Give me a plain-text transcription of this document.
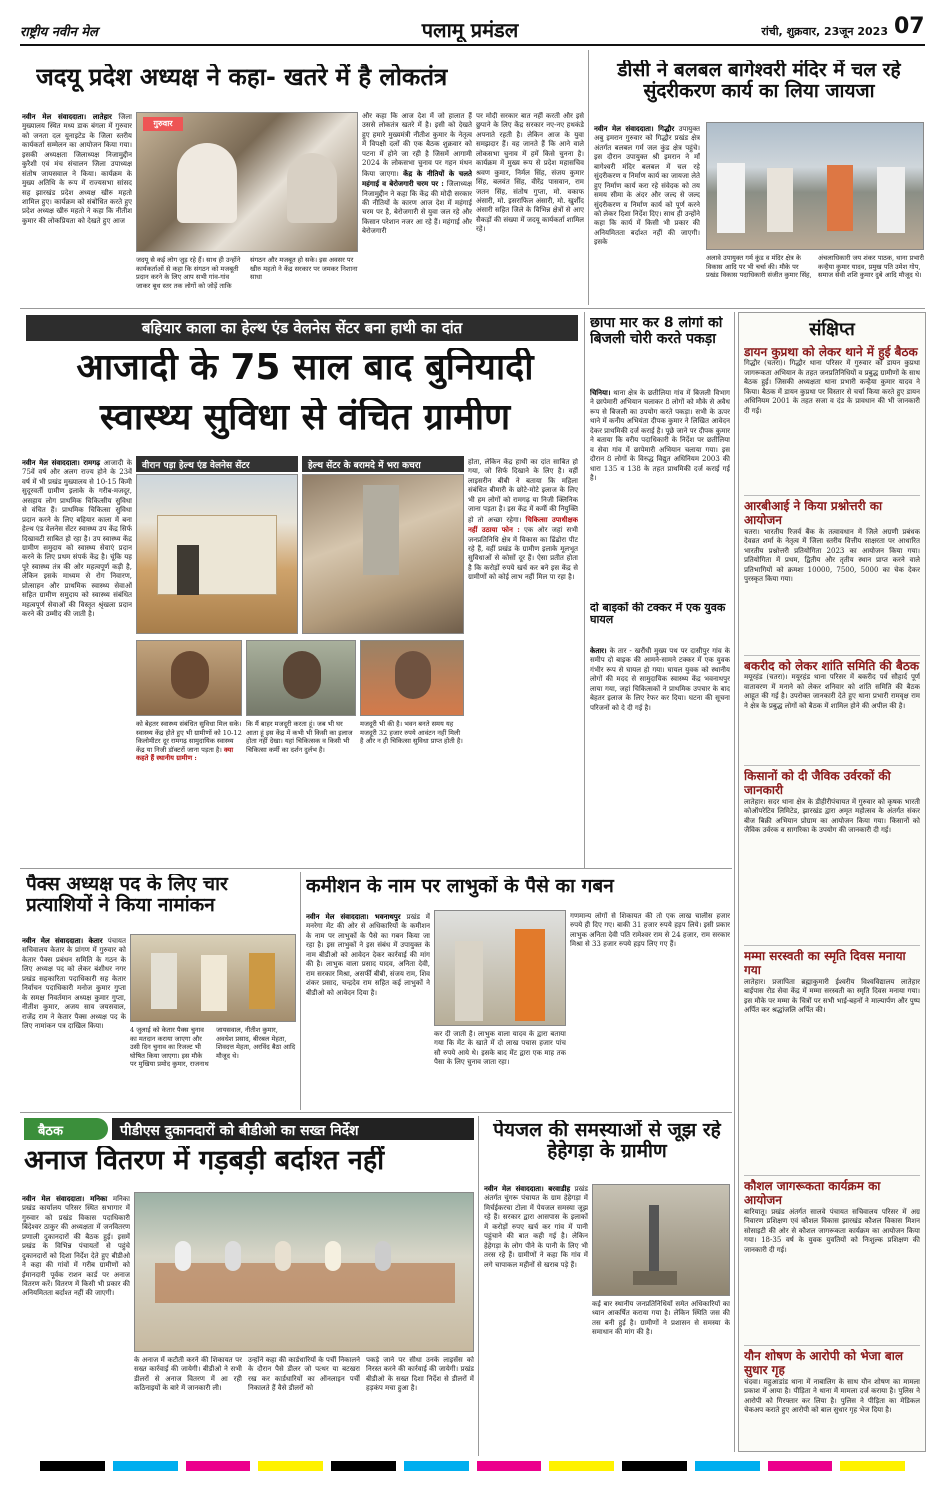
राष्ट्रीय नवीन मेल	पलामू प्रमंडल	रांची, शुक्रवार, 23जून 2023 07
जदयू प्रदेश अध्यक्ष ने कहा- खतरे में है लोकतंत्र
नवीन मेल संवाददाता। लातेहार जिला मुख्यालय स्थित मध्य डाक बंगला में गुरुवार को जनता दल यूनाइटेड के जिला स्तरीय कार्यकर्ता सम्मेलन का आयोजन किया गया। इसकी अध्यक्षता जिलाध्यक्ष निजामुद्दीन कुरैशी एवं मंच संचालन जिला उपाध्यक्ष संतोष जायसवाल ने किया। कार्यक्रम के मुख्य अतिथि के रूप में राज्यसभा सांसद सह झारखंड प्रदेश अध्यक्ष खीरु महतो शामिल हुए। कार्यक्रम को संबोधित करते हुए प्रदेश अध्यक्ष खीरु महतो ने कहा कि नीतीश कुमार की लोकप्रियता को देखते हुए आज
गुरुवार
जदयू से कई लोग जुड़ रहे हैं। साथ ही उन्होंने कार्यकर्ताओं से कहा कि संगठन को मजबूती प्रदान करने के लिए आप सभी गांव-गांव जाकर बूथ स्तर तक लोगों को जोड़ें ताकि संगठन और मजबूत हो सके। इस अवसर पर खीरु महतो ने केंद्र सरकार पर जमकर निशाना साधा
और कहा कि आज देश में जो हालात हैं उससे लोकतंत्र खतरे में है। इसी को देखते हुए हमारे मुख्यमंत्री नीतीश कुमार के नेतृत्व में विपक्षी दलों की एक बैठक शुक्रवार को पटना में होने जा रही है जिसमें आगामी 2024 के लोकसभा चुनाव पर गहन मंथन किया जाएगा। केंद्र के नीतियों के चलते महंगाई व बेरोजगारी चरम पर : जिलाध्यक्ष निजामुद्दीन ने कहा कि केंद्र की मोदी सरकार की नीतियों के कारण आज देश में महंगाई चरम पर है, बेरोजगारी से युवा जल रहे और किसान परेशान नजर आ रहे हैं। महंगाई और बेरोजगारी
पर मोदी सरकार बात नहीं करती और इसे छुपाने के लिए केंद्र सरकार नए-नए हथकंडे अपनाते रहती है। लेकिन आज के युवा समझदार हैं। वह जानते हैं कि आने वाले लोकसभा चुनाव में हमें किसे चुनना है। कार्यक्रम में मुख्य रूप से प्रदेश महासचिव श्रवण कुमार, निर्मल सिंह, संजय कुमार सिंह, बलवंत सिंह, वीरेंद्र पासवान, राम जतन सिंह, संतोष गुप्ता, मो. वकाफ अंसारी, मो. इसराफिल अंसारी, मो. खुर्शीद अंसारी सहित जिले के विभिन्न क्षेत्रों से आए सैकड़ों की संख्या में जदयू कार्यकर्ता शामिल रहे।
डीसी ने बलबल बागेश्वरी मंदिर में चल रहे सुंदरीकरण कार्य का लिया जायजा
नवीन मेल संवाददाता। गिद्धौर उपायुक्त अबु इमरान गुरुवार को गिद्धौर प्रखंड क्षेत्र अंतर्गत बलबल गर्म जल कुंड क्षेत्र पहुंचे। इस दौरान उपायुक्त श्री इमरान ने माँ बागेश्वरी मंदिर बलबल में चल रहे सुंदरीकरण व निर्माण कार्य का जायजा लेते हुए निर्माण कार्य करा रहे संवेदक को तय समय सीमा के अंदर और जल्द से जल्द सुंदरीकरण व निर्माण कार्य को पूर्ण करने को लेकर दिशा निर्देश दिए। साथ ही उन्होंने कहा कि कार्य में किसी भी प्रकार की अनियमितता बर्दाश्त नहीं की जाएगी। इसके
अलावे उपायुक्त गर्म कुंड व मंदिर क्षेत्र के विकास आदि पर भी चर्चा की। मौके पर प्रखंड विकास पदाधिकारी संजीत कुमार सिंह, अंचलाधिकारी जय शंकर पाठक, थाना प्रभारी कन्हैया कुमार यादव, प्रमुख पति उमेश गोप, समाज सेवी शशि कुमार दुबे आदि मौजूद थे।
बहियार काला का हेल्थ एंड वेलनेस सेंटर बना हाथी का दांत
आजादी के 75 साल बाद बुनियादी
स्वास्थ्य सुविधा से वंचित ग्रामीण
नवीन मेल संवाददाता। रामगढ़ आजादी के 75वें वर्ष और अलग राज्य होने के 23वें वर्ष में भी प्रखंड मुख्यालय से 10-15 किमी सुदूरवर्ती ग्रामीण इलाके के गरीब-मजदूर, असहाय लोग प्राथमिक चिकित्सीय सुविधा से वंचित हैं। प्राथमिक चिकित्सा सुविधा प्रदान करने के लिए बहियार काला में बना हेल्थ एंड वेलनेस सेंटर स्वास्थ्य उप केंद्र सिर्फ दिखावटी साबित हो रहा है। उप स्वास्थ्य केंद्र ग्रामीण समुदाय को स्वास्थ्य सेवाएं प्रदान करने के लिए प्रथम संपर्क केंद्र है। चूंकि यह पूरे स्वास्थ्य तंत्र की ओर महत्वपूर्ण कड़ी है, लेकिन इसके माध्यम से रोग निवारण, प्रोत्साहन और प्राथमिक स्वास्थ्य सेवाओं सहित ग्रामीण समुदाय को स्वास्थ्य संबंधित महत्वपूर्ण सेवाओं की विस्तृत श्रृंखला प्रदान करने की उम्मीद की जाती है।
वीरान पड़ा हेल्थ एंड वेलनेस सेंटर	हेल्थ सेंटर के बरामदे में भरा कचरा
को बेहतर स्वास्थ्य संबंधित सुविधा मिल सके। स्वास्थ्य केंद्र होते हुए भी ग्रामीणों को 10-12 किलोमीटर दूर रामगढ़ सामुदायिक स्वास्थ्य केंद्र या निजी डॉक्टरों जाना पड़ता है। क्या कहते हैं स्थानीय ग्रामीण :
कि मैं बाहर मजदूरी करता हूं। जब भी घर आता हूं इस केंद्र में कभी भी किसी का इलाज होता नहीं देखा। यहां चिकित्सक व किसी भी चिकित्सा कर्मी का दर्शन दुर्लभ है।
मजदूरी भी की है। भवन बनते समय यह मजदूरी 32 हजार रुपये आवंटन नहीं मिली है और न ही चिकित्सा सुविधा प्राप्त होती है।
होता, लेकिन केंद्र हाथी का दांत साबित हो गया, जो सिर्फ दिखाने के लिए है। वहीं लाइसरीन बीबी ने बताया कि महिला संबंधित बीमारी के छोटे-मोटे इलाज के लिए भी हम लोगों को रामगढ़ या निजी क्लिनिक जाना पड़ता है। इस केंद्र में कर्मी की नियुक्ति हो तो अच्छा रहेगा। चिकित्सा उपाधीक्षक नहीं उठाया फोन : एक ओर जहां सभी जनप्रतिनिधि क्षेत्र में विकास का ढिंढोरा पीट रहे हैं, वहीं प्रखंड के ग्रामीण इलाके मूलभूत सुविधाओं से कोसों दूर हैं। ऐसा प्रतीत होता है कि करोड़ों रुपये खर्च कर बने इस केंद्र से ग्रामीणों को कोई लाभ नहीं मिल पा रहा है।
छापा मार कर 8 लोगों को बिजली चोरी करते पकड़ा
चिनिया। थाना क्षेत्र के छतीलिया गांव में बिजली विभाग ने छापेमारी अभियान चलाकर 8 लोगों को मौके से अवैध रूप से बिजली का उपयोग करते पकड़ा। सभी के ऊपर थाने में कनीय अभियंता दीपक कुमार ने लिखित आवेदन देकर प्राथमिकी दर्ज कराई है। पूछे जाने पर दीपक कुमार ने बताया कि वरीय पदाधिकारी के निर्देश पर छतीलिया व सेवा गांव में छापेमारी अभियान चलाया गया। इस दौरान 8 लोगों के विरुद्ध विद्युत अधिनियम 2003 की धारा 135 व 138 के तहत प्राथमिकी दर्ज कराई गई है।
दो बाइकों की टक्कर में एक युवक घायल
केतार। के तार - खरौंधी मुख्य पथ पर दासीपुर गांव के समीप दो बाइक की आमने-सामने टक्कर में एक युवक गंभीर रूप से घायल हो गया। घायल युवक को स्थानीय लोगों की मदद से सामुदायिक स्वास्थ्य केंद्र भवनाथपुर लाया गया, जहां चिकित्सकों ने प्राथमिक उपचार के बाद बेहतर इलाज के लिए रेफर कर दिया। घटना की सूचना परिजनों को दे दी गई है।
संक्षिप्त
डायन कुप्रथा को लेकर थाने में हुई बैठक
गिद्धौर (चतरा)। गिद्धौर थाना परिसर में गुरुवार को डायन कुप्रथा जागरूकता अभियान के तहत जनप्रतिनिधियों व प्रबुद्ध ग्रामीणों के साथ बैठक हुई। जिसकी अध्यक्षता थाना प्रभारी कन्हैया कुमार यादव ने किया। बैठक में डायन कुप्रथा पर विस्तार से चर्चा किया करते हुए डायन अधिनियम 2001 के तहत सजा व दंड के प्रावधान की भी जानकारी दी गई।
आरबीआई ने किया प्रश्नोत्तरी का आयोजन
चतरा। भारतीय रिजर्व बैंक के तत्वावधान में जिले अग्रणी प्रबंधक देवव्रत शर्मा के नेतृत्व में जिला स्तरीय वित्तीय साक्षरता पर आधारित भारतीय प्रश्नोत्तरी प्रतियोगिता 2023 का आयोजन किया गया। प्रतियोगिता में प्रथम, द्वितीय और तृतीय स्थान प्राप्त करने वाले प्रतिभागियों को क्रमशः 10000, 7500, 5000 का चेक देकर पुरस्कृत किया गया।
बकरीद को लेकर शांति समिति की बैठक
मयूरहंड (चतरा)। मयूरहंड थाना परिसर में बकरीद पर्व सौहार्द पूर्ण वातावरण में मनाने को लेकर शनिवार को शांति समिति की बैठक आहूत की गई है। उपरोक्त जानकारी देते हुए थाना प्रभारी रामवृक्ष राम ने क्षेत्र के प्रबुद्ध लोगों को बैठक में शामिल होने की अपील की है।
किसानों को दी जैविक उर्वरकों की जानकारी
लातेहार। सदर थाना क्षेत्र के डीहीरीपंचायत में गुरुवार को कृषक भारती कोऑपरेटिव लिमिटेड, झारखंड द्वारा अमृत महोत्सव के अंतर्गत संकर बीज बिक्री अभियान प्रोग्राम का आयोजन किया गया। किसानों को जैविक उर्वरक व सागरिका के उपयोग की जानकारी दी गई।
मम्मा सरस्वती का स्मृति दिवस मनाया गया
लातेहार। प्रजापिता ब्रह्माकुमारी ईश्वरीय विश्वविद्यालय लातेहार बाईपास रोड सेवा केंद्र में मम्मा सरस्वती का स्मृति दिवस मनाया गया। इस मौके पर मम्मा के चित्रों पर सभी भाई-बहनों ने माल्यार्पण और पुष्प अर्पित कर श्रद्धांजलि अर्पित की।
कौशल जागरूकता कार्यक्रम का आयोजन
बारियातू। प्रखंड अंतर्गत सालवे पंचायत सचिवालय परिसर में अग्र निवारण प्रशिक्षण एवं कौशल विकास झारखंड कौशल विकास मिशन सोसाइटी की ओर से कौशल जागरूकता कार्यक्रम का आयोजन किया गया। 18-35 वर्ष के युवक युवतियों को निःशुल्क प्रशिक्षण की जानकारी दी गई।
यौन शोषण के आरोपी को भेजा बाल सुधार गृह
चंदवा। महुआडांड थाना में नाबालिग के साथ यौन शोषण का मामला प्रकाश में आया है। पीड़िता ने थाना में मामला दर्ज कराया है। पुलिस ने आरोपी को गिरफ्तार कर लिया है। पुलिस ने पीड़िता का मेडिकल चेकअप कराते हुए आरोपी को बाल सुधार गृह भेज दिया है।
पैक्स अध्यक्ष पद के लिए चार प्रत्याशियों ने किया नामांकन
नवीन मेल संवाददाता। केतार पंचायत सचिवालय केतार के प्रांगण में गुरुवार को केतार पैक्स प्रबंधन समिति के गठन के लिए अध्यक्ष पद को लेकर बंशीधर नगर प्रखंड सहकारिता पदाधिकारी सह केतार निर्वाचन पदाधिकारी मनोज कुमार गुप्ता के समक्ष निवर्तमान अध्यक्ष कुमार गुप्ता, नीतीश कुमार, अजय साव जयसवाल, राजेंद्र राम ने केतार पैक्स अध्यक्ष पद के लिए नामांकन पत्र दाखिल किया।
4 जुलाई को केतार पैक्स चुनाव का मतदान कराया जाएगा और उसी दिन चुनाव का रिजल्ट भी घोषित किया जाएगा। इस मौके पर मुखिया प्रमोद कुमार, राजनाथ जायसवाल, नीतीश कुमार, अवधेश प्रसाद, बीरबल मेहता, शिवदत्त मेहता, अरविंद बैठा आदि मौजूद थे।
कमीशन के नाम पर लाभुकों के पैसे का गबन
नवीन मेल संवाददाता। भवनाथपुर प्रखंड में मनरेगा मेंट की ओर से अधिकारियों के कमीशन के नाम पर लाभुकों के पैसे का गबन किया जा रहा है। इस लाभुकों ने इस संबंध में उपायुक्त के नाम बीडीओ को आवेदन देकर कार्रवाई की मांग की है। लाभुक वाला प्रसाद यादव, अनिता देवी, राम सरकार मिश्रा, असर्फी बीबी, संजय राम, शिव शंकर प्रसाद, चन्द्रदेव राम सहित कई लाभुकों ने बीडीओ को आवेदन दिया है।
कर दी जाती है। लाभुक वाला यादव के द्वारा बताया गया कि मेंट के खाते में दो लाख पचास हजार पांच सौ रुपये आये थे। इसके बाद मेंट द्वारा एक माह तक पैसा के लिए चुनाव जाता रहा।
गणमान्य लोगों से शिकायत की तो एक लाख चालीस हजार रुपये ही दिए गए। बाकी 31 हजार रुपये हड़प लिये। इसी प्रकार लाभुक अनिता देवी पति रामेश्वर राम से 24 हजार, राम सरकार मिश्रा से 33 हजार रुपये हड़प लिए गए हैं।
बैठक	पीडीएस दुकानदारों को बीडीओ का सख्त निर्देश
अनाज वितरण में गड़बड़ी बर्दाश्त नहीं
नवीन मेल संवाददाता। मनिका मनिका प्रखंड कार्यालय परिसर स्थित सभागार में गुरुवार को प्रखंड विकास पदाधिकारी बिंदेश्वर ठाकुर की अध्यक्षता में जनवितरण प्रणाली दुकानदारों की बैठक हुई। इसमें प्रखंड के विभिन्न पंचायतों से पहुंचे दुकानदारों को दिशा निर्देश देते हुए बीडीओ ने कहा की गांवों में गरीब ग्रामीणों को ईमानदारी पूर्वक राशन कार्ड पर अनाज वितरण करें। वितरण में किसी भी प्रकार की अनियमितता बर्दाश्त नहीं की जाएगी।
के अनाज में कटौती करने की शिकायत पर सख्त कार्रवाई की जायेगी। बीडीओ ने सभी डीलरों से अनाज वितरण में आ रही कठिनाइयों के बारे में जानकारी ली।
उन्होंने कहा की कार्डधारियों के पर्ची निकालने के दौरान पैसे डीलर जो पत्थर या बटखरा रख कर कार्डधारियों का ऑनलाइन पर्ची निकालते हैं वैसे डीलरों को
पकड़े जाने पर सीधा उनके लाइसेंस को निरस्त करने की कार्रवाई की जायेगी। प्रखंड बीडीओ के सख्त दिशा निर्देश से डीलरों में हड़कंप मचा हुआ है।
पेयजल की समस्याओं से जूझ रहे हेहेगड़ा के ग्रामीण
नवीन मेल संवाददाता। बरवाडीह प्रखंड अंतर्गत चुंगरू पंचायत के ग्राम हेहेगड़ा में मिर्चईकरचा टोला में पेयजल समस्या जूझ रहे हैं। सरकार द्वारा आसपास के इलाकों में करोड़ों रुपए खर्च कर गांव में पानी पहुंचाने की बात कही गई है। लेकिन हेहेगड़ा के लोग पीने के पानी के लिए भी तरस रहे हैं। ग्रामीणों ने कहा कि गांव में लगे चापाकल महीनों से खराब पड़े हैं।
कई बार स्थानीय जनप्रतिनिधियों समेत अधिकारियों का ध्यान आकर्षित कराया गया है। लेकिन स्थिति जस की तस बनी हुई है। ग्रामीणों ने प्रशासन से समस्या के समाधान की मांग की है।
